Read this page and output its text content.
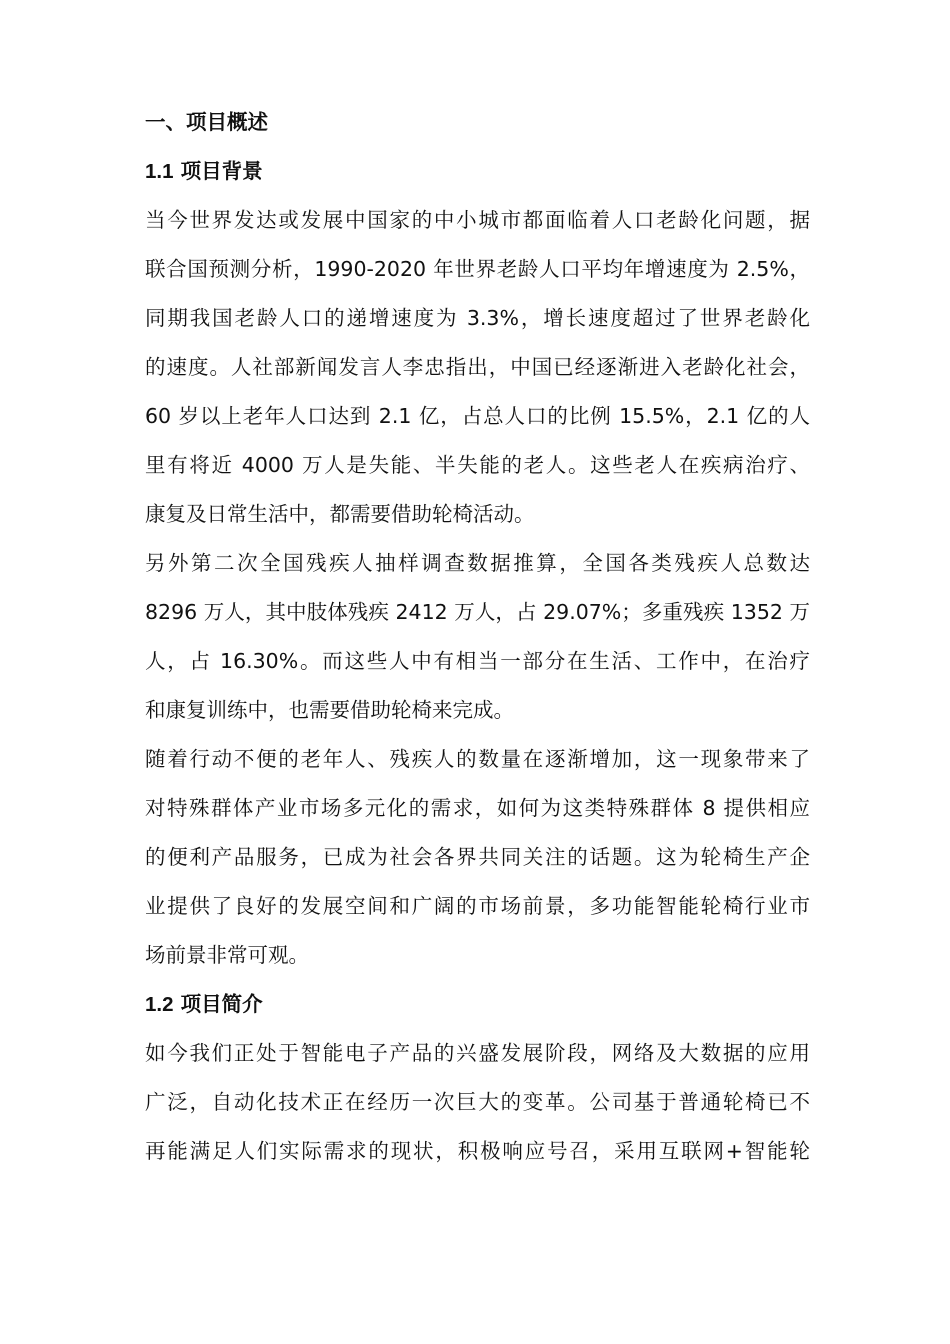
一、项目概述
1.1 项目背景
当今世界发达或发展中国家的中小城市都面临着人口老龄化问题，据
联合国预测分析，1990-2020 年世界老龄人口平均年增速度为 2.5%，
同期我国老龄人口的递增速度为 3.3%，增长速度超过了世界老龄化
的速度。人社部新闻发言人李忠指出，中国已经逐渐进入老龄化社会，
60 岁以上老年人口达到 2.1 亿，占总人口的比例 15.5%，2.1 亿的人
里有将近 4000 万人是失能、半失能的老人。这些老人在疾病治疗、
康复及日常生活中，都需要借助轮椅活动。
另外第二次全国残疾人抽样调查数据推算，全国各类残疾人总数达
8296 万人，其中肢体残疾 2412 万人，占 29.07%；多重残疾 1352 万
人，占 16.30%。而这些人中有相当一部分在生活、工作中，在治疗
和康复训练中，也需要借助轮椅来完成。
随着行动不便的老年人、残疾人的数量在逐渐增加，这一现象带来了
对特殊群体产业市场多元化的需求，如何为这类特殊群体 8 提供相应
的便利产品服务，已成为社会各界共同关注的话题。这为轮椅生产企
业提供了良好的发展空间和广阔的市场前景，多功能智能轮椅行业市
场前景非常可观。
1.2 项目简介
如今我们正处于智能电子产品的兴盛发展阶段，网络及大数据的应用
广泛，自动化技术正在经历一次巨大的变革。公司基于普通轮椅已不
再能满足人们实际需求的现状，积极响应号召，采用互联网+智能轮
